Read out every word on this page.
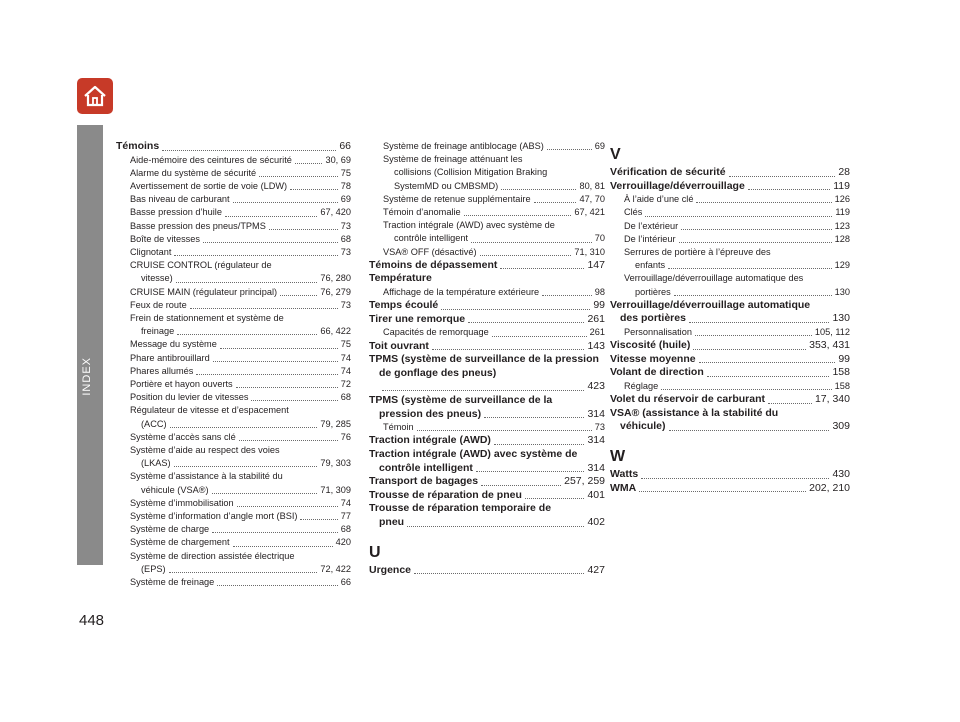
INDEX
Témoins	66
Aide-mémoire des ceintures de sécurité	30, 69
Alarme du système de sécurité	75
Avertissement de sortie de voie (LDW)	78
Bas niveau de carburant	69
Basse pression d’huile	67, 420
Basse pression des pneus/TPMS	73
Boîte de vitesses	68
Clignotant	73
CRUISE CONTROL (régulateur de
vitesse)	76, 280
CRUISE MAIN (régulateur principal)	76, 279
Feux de route	73
Frein de stationnement et système de
freinage	66, 422
Message du système	75
Phare antibrouillard	74
Phares allumés	74
Portière et hayon ouverts	72
Position du levier de vitesses	68
Régulateur de vitesse et d’espacement
(ACC)	79, 285
Système d’accès sans clé	76
Système d’aide au respect des voies
(LKAS)	79, 303
Système d’assistance à la stabilité du
véhicule (VSA®)	71, 309
Système d’immobilisation	74
Système d’information d’angle mort (BSI)	77
Système de charge	68
Système de chargement	420
Système de direction assistée électrique
(EPS)	72, 422
Système de freinage	66
Système de freinage antiblocage (ABS)	69
Système de freinage atténuant les
collisions (Collision Mitigation Braking
SystemMD ou CMBSMD)	80, 81
Système de retenue supplémentaire	47, 70
Témoin d’anomalie	67, 421
Traction intégrale (AWD) avec système de
contrôle intelligent	70
VSA® OFF (désactivé)	71, 310
Témoins de dépassement	147
Température
Affichage de la température extérieure	98
Temps écoulé	99
Tirer une remorque	261
Capacités de remorquage	261
Toit ouvrant	143
TPMS (système de surveillance de la pression
de gonflage des pneus)
423
TPMS (système de surveillance de la
pression des pneus)	314
Témoin	73
Traction intégrale (AWD)	314
Traction intégrale (AWD) avec système de
contrôle intelligent	314
Transport de bagages	257, 259
Trousse de réparation de pneu	401
Trousse de réparation temporaire de
pneu	402
U
Urgence	427
V
Vérification de sécurité	28
Verrouillage/déverrouillage	119
À l’aide d’une clé	126
Clés	119
De l’extérieur	123
De l’intérieur	128
Serrures de portière à l’épreuve des
enfants	129
Verrouillage/déverrouillage automatique des
portières	130
Verrouillage/déverrouillage automatique
des portières	130
Personnalisation	105, 112
Viscosité (huile)	353, 431
Vitesse moyenne	99
Volant de direction	158
Réglage	158
Volet du réservoir de carburant	17, 340
VSA® (assistance à la stabilité du
véhicule)	309
W
Watts	430
WMA	202, 210
448
